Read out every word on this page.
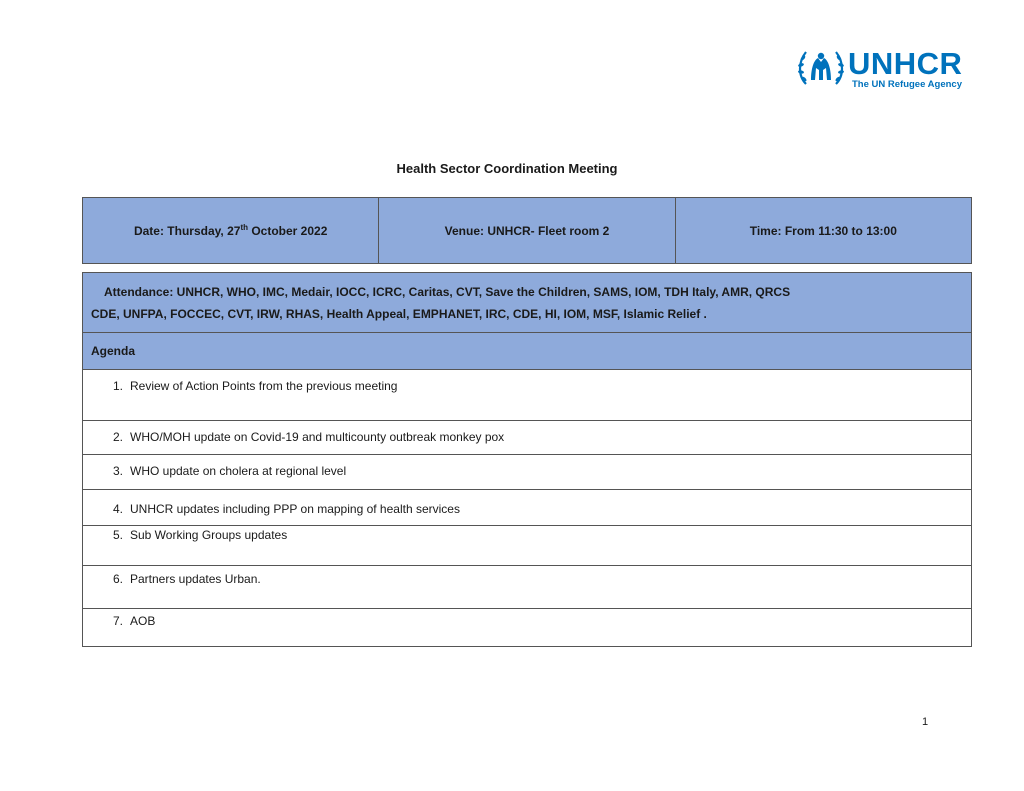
UNHCR
The UN Refugee Agency
Health Sector Coordination Meeting
Date: Thursday, 27th October 2022	Venue: UNHCR- Fleet room 2	Time: From 11:30 to 13:00
Attendance: UNHCR, WHO, IMC, Medair, IOCC, ICRC, Caritas, CVT, Save the Children, SAMS, IOM, TDH Italy, AMR, QRCS
CDE, UNFPA, FOCCEC, CVT, IRW, RHAS, Health Appeal, EMPHANET, IRC, CDE, HI, IOM, MSF, Islamic Relief .

Agenda

1. Review of Action Points from the previous meeting

2. WHO/MOH update on Covid-19 and multicounty outbreak monkey pox

3. WHO update on cholera at regional level

4. UNHCR updates including PPP on mapping of health services

5. Sub Working Groups updates

6. Partners updates Urban.

7. AOB
1
